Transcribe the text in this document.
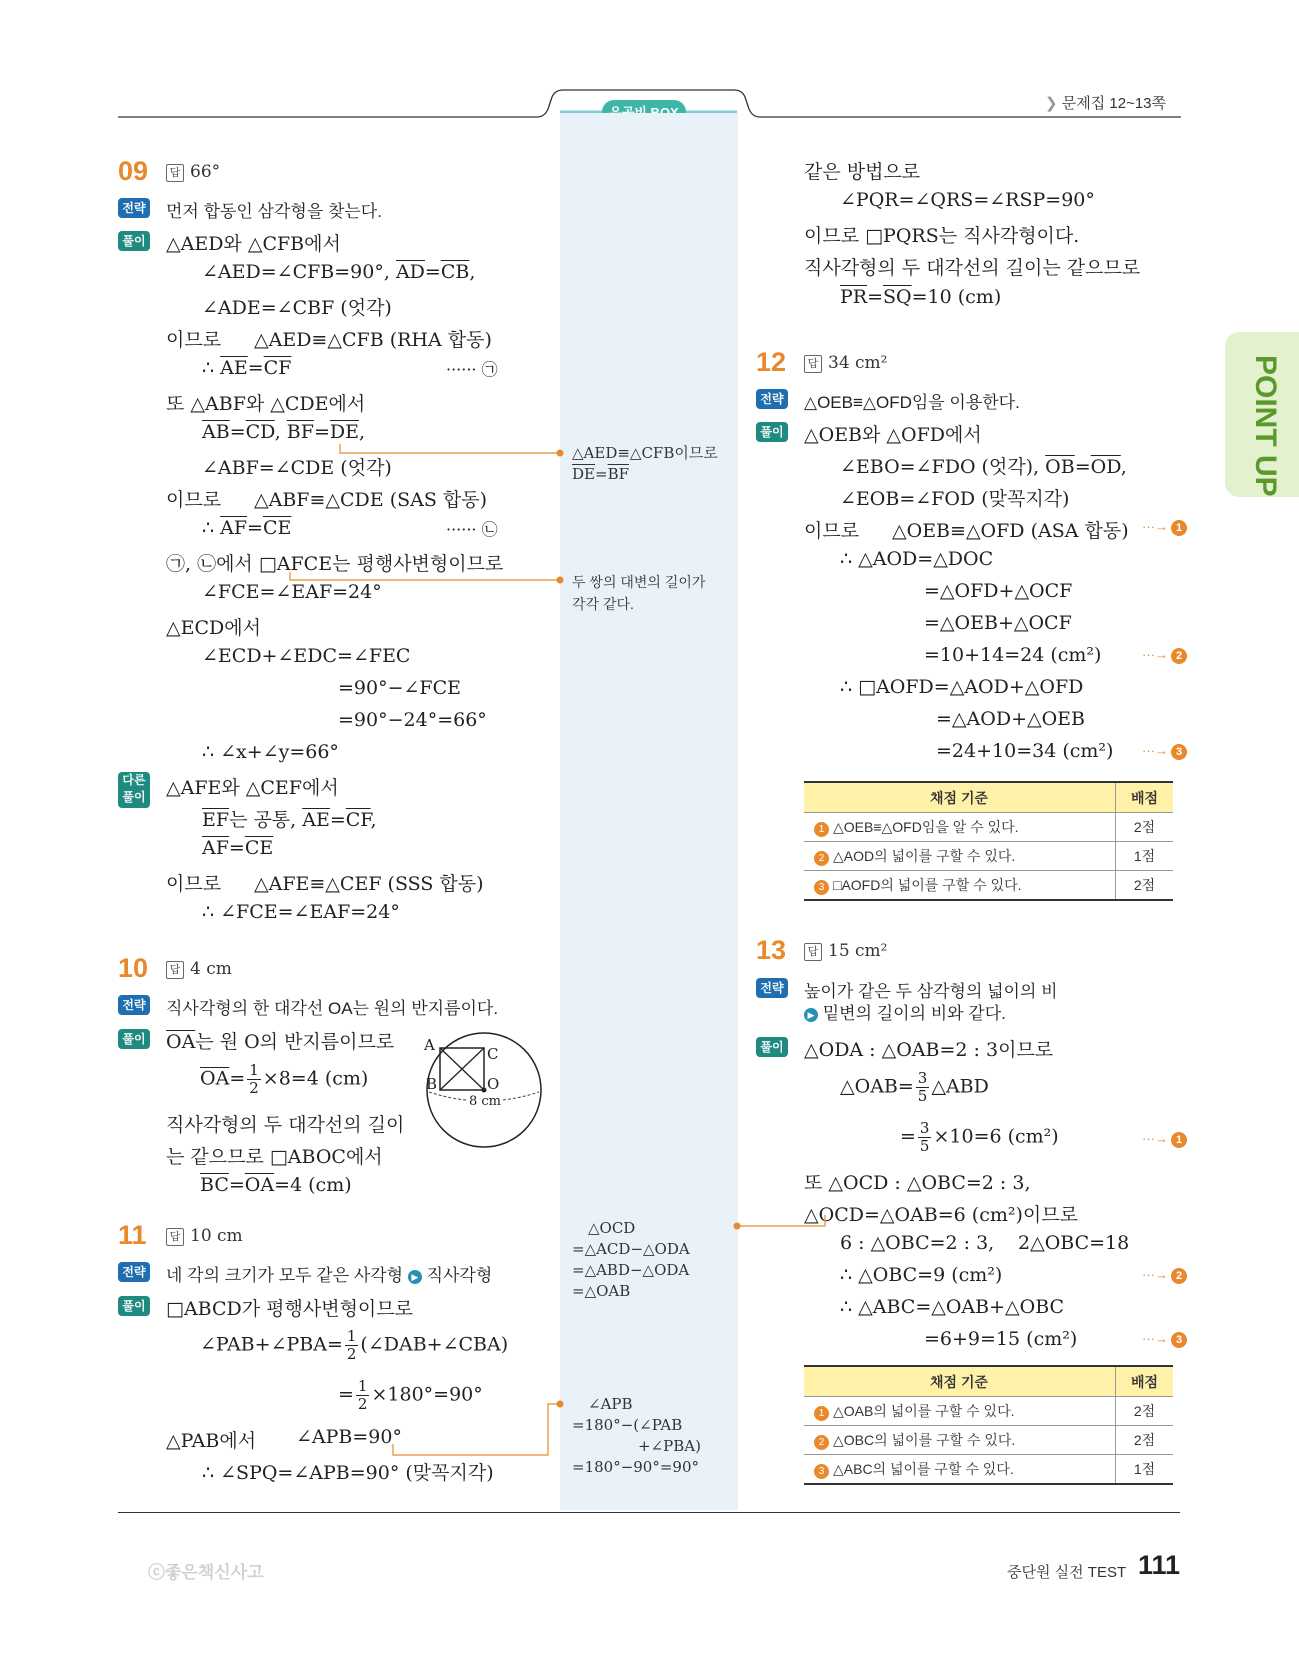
❯ 문제집 12~13쪽
POINT UP
09	답 66°
전략 먼저 합동인 삼각형을 찾는다.
풀이 △AED와 △CFB에서
∠AED=∠CFB=90°, $\overline{AD}=\overline{CB}$,
∠ADE=∠CBF (엇각)
이므로 △AED≡△CFB (RHA 합동)
∴ $\overline{AE}=\overline{CF}$	······ ㉠
또 △ABF와 △CDE에서
$\overline{AB}=\overline{CD}$, $\overline{BF}=\overline{DE}$,
∠ABF=∠CDE (엇각)
이므로 △ABF≡△CDE (SAS 합동)
∴ $\overline{AF}=\overline{CE}$	······ ㉡
㉠, ㉡에서 □AFCE는 평행사변형이므로
∠FCE=∠EAF=24°
△ECD에서
∠ECD+∠EDC=∠FEC
=90°−∠FCE
=90°−24°=66°
∴ ∠x+∠y=66°
다른
풀이 △AFE와 △CEF에서
$\overline{EF}$는 공통, $\overline{AE}=\overline{CF}$,
$\overline{AF}=\overline{CE}$
이므로 △AFE≡△CEF (SSS 합동)
∴ ∠FCE=∠EAF=24°
10	답 4 cm
전략 직사각형의 한 대각선 OA는 원의 반지름이다.
풀이 $\overline{OA}$는 원 O의 반지름이므로
$\overline{OA}= \frac{1}{2} \times 8=4$ (cm)
직사각형의 두 대각선의 길이
는 같으므로 □ABOC에서
$\overline{BC}=\overline{OA}=4$ (cm)
A
B
C
O
8 cm
11	답 10 cm
전략 네 각의 크기가 모두 같은 사각형 ▶ 직사각형
풀이 □ABCD가 평행사변형이므로
∠PAB+∠PBA= $\frac{1}{2}$ (∠DAB+∠CBA)
= $\frac{1}{2} \times 180^\circ=90^\circ$
△PAB에서 ∠APB=90°
∴ ∠SPQ=∠APB=90° (맞꼭지각)
같은 방법으로
∠PQR=∠QRS=∠RSP=90°
이므로 □PQRS는 직사각형이다.
직사각형의 두 대각선의 길이는 같으므로
$\overline{PR}=\overline{SQ}=10$ (cm)
12	답 34 cm²
전략 △OEB≡△OFD임을 이용한다.
풀이 △OEB와 △OFD에서
∠EBO=∠FDO (엇각), $\overline{OB}=\overline{OD}$,
∠EOB=∠FOD (맞꼭지각)
이므로 △OEB≡△OFD (ASA 합동) ···→ 1
∴ △AOD=△DOC
=△OFD+△OCF
=△OEB+△OCF
=10+14=24 (cm²)	···→ 2
∴ □AOFD=△AOD+△OFD
=△AOD+△OEB
=24+10=34 (cm²) ···→ 3
채점 기준	배점
1 △OEB≡△OFD임을 알 수 있다.	2점
2 △AOD의 넓이를 구할 수 있다.	1점
3 □AOFD의 넓이를 구할 수 있다.	2점
13	답 15 cm²
전략 높이가 같은 두 삼각형의 넓이의 비
▶ 밑변의 길이의 비와 같다.
풀이 △ODA : △OAB=2 : 3이므로
△OAB= $\frac{3}{5}$ △ABD
= $\frac{3}{5} \times 10=6$ (cm²)	···→ 1
또 △OCD : △OBC=2 : 3,
△OCD=△OAB=6 (cm²)이므로
6 : △OBC=2 : 3, 2△OBC=18
∴ △OBC=9 (cm²)	···→ 2
∴ △ABC=△OAB+△OBC
=6+9=15 (cm²)	···→ 3
채점 기준	배점
1 △OAB의 넓이를 구할 수 있다.	2점
2 △OBC의 넓이를 구할 수 있다.	2점
3 △ABC의 넓이를 구할 수 있다.	1점
△AED≡△CFB이므로
$\overline{DE}=\overline{BF}$
두 쌍의 대변의 길이가
각각 같다.
△OCD
=△ACD−△ODA
=△ABD−△ODA
=△OAB
∠APB
=180°−(∠PAB
+∠PBA)
=180°−90°=90°
ⓒ좋은책신사고	중단원 실전 TEST 111
